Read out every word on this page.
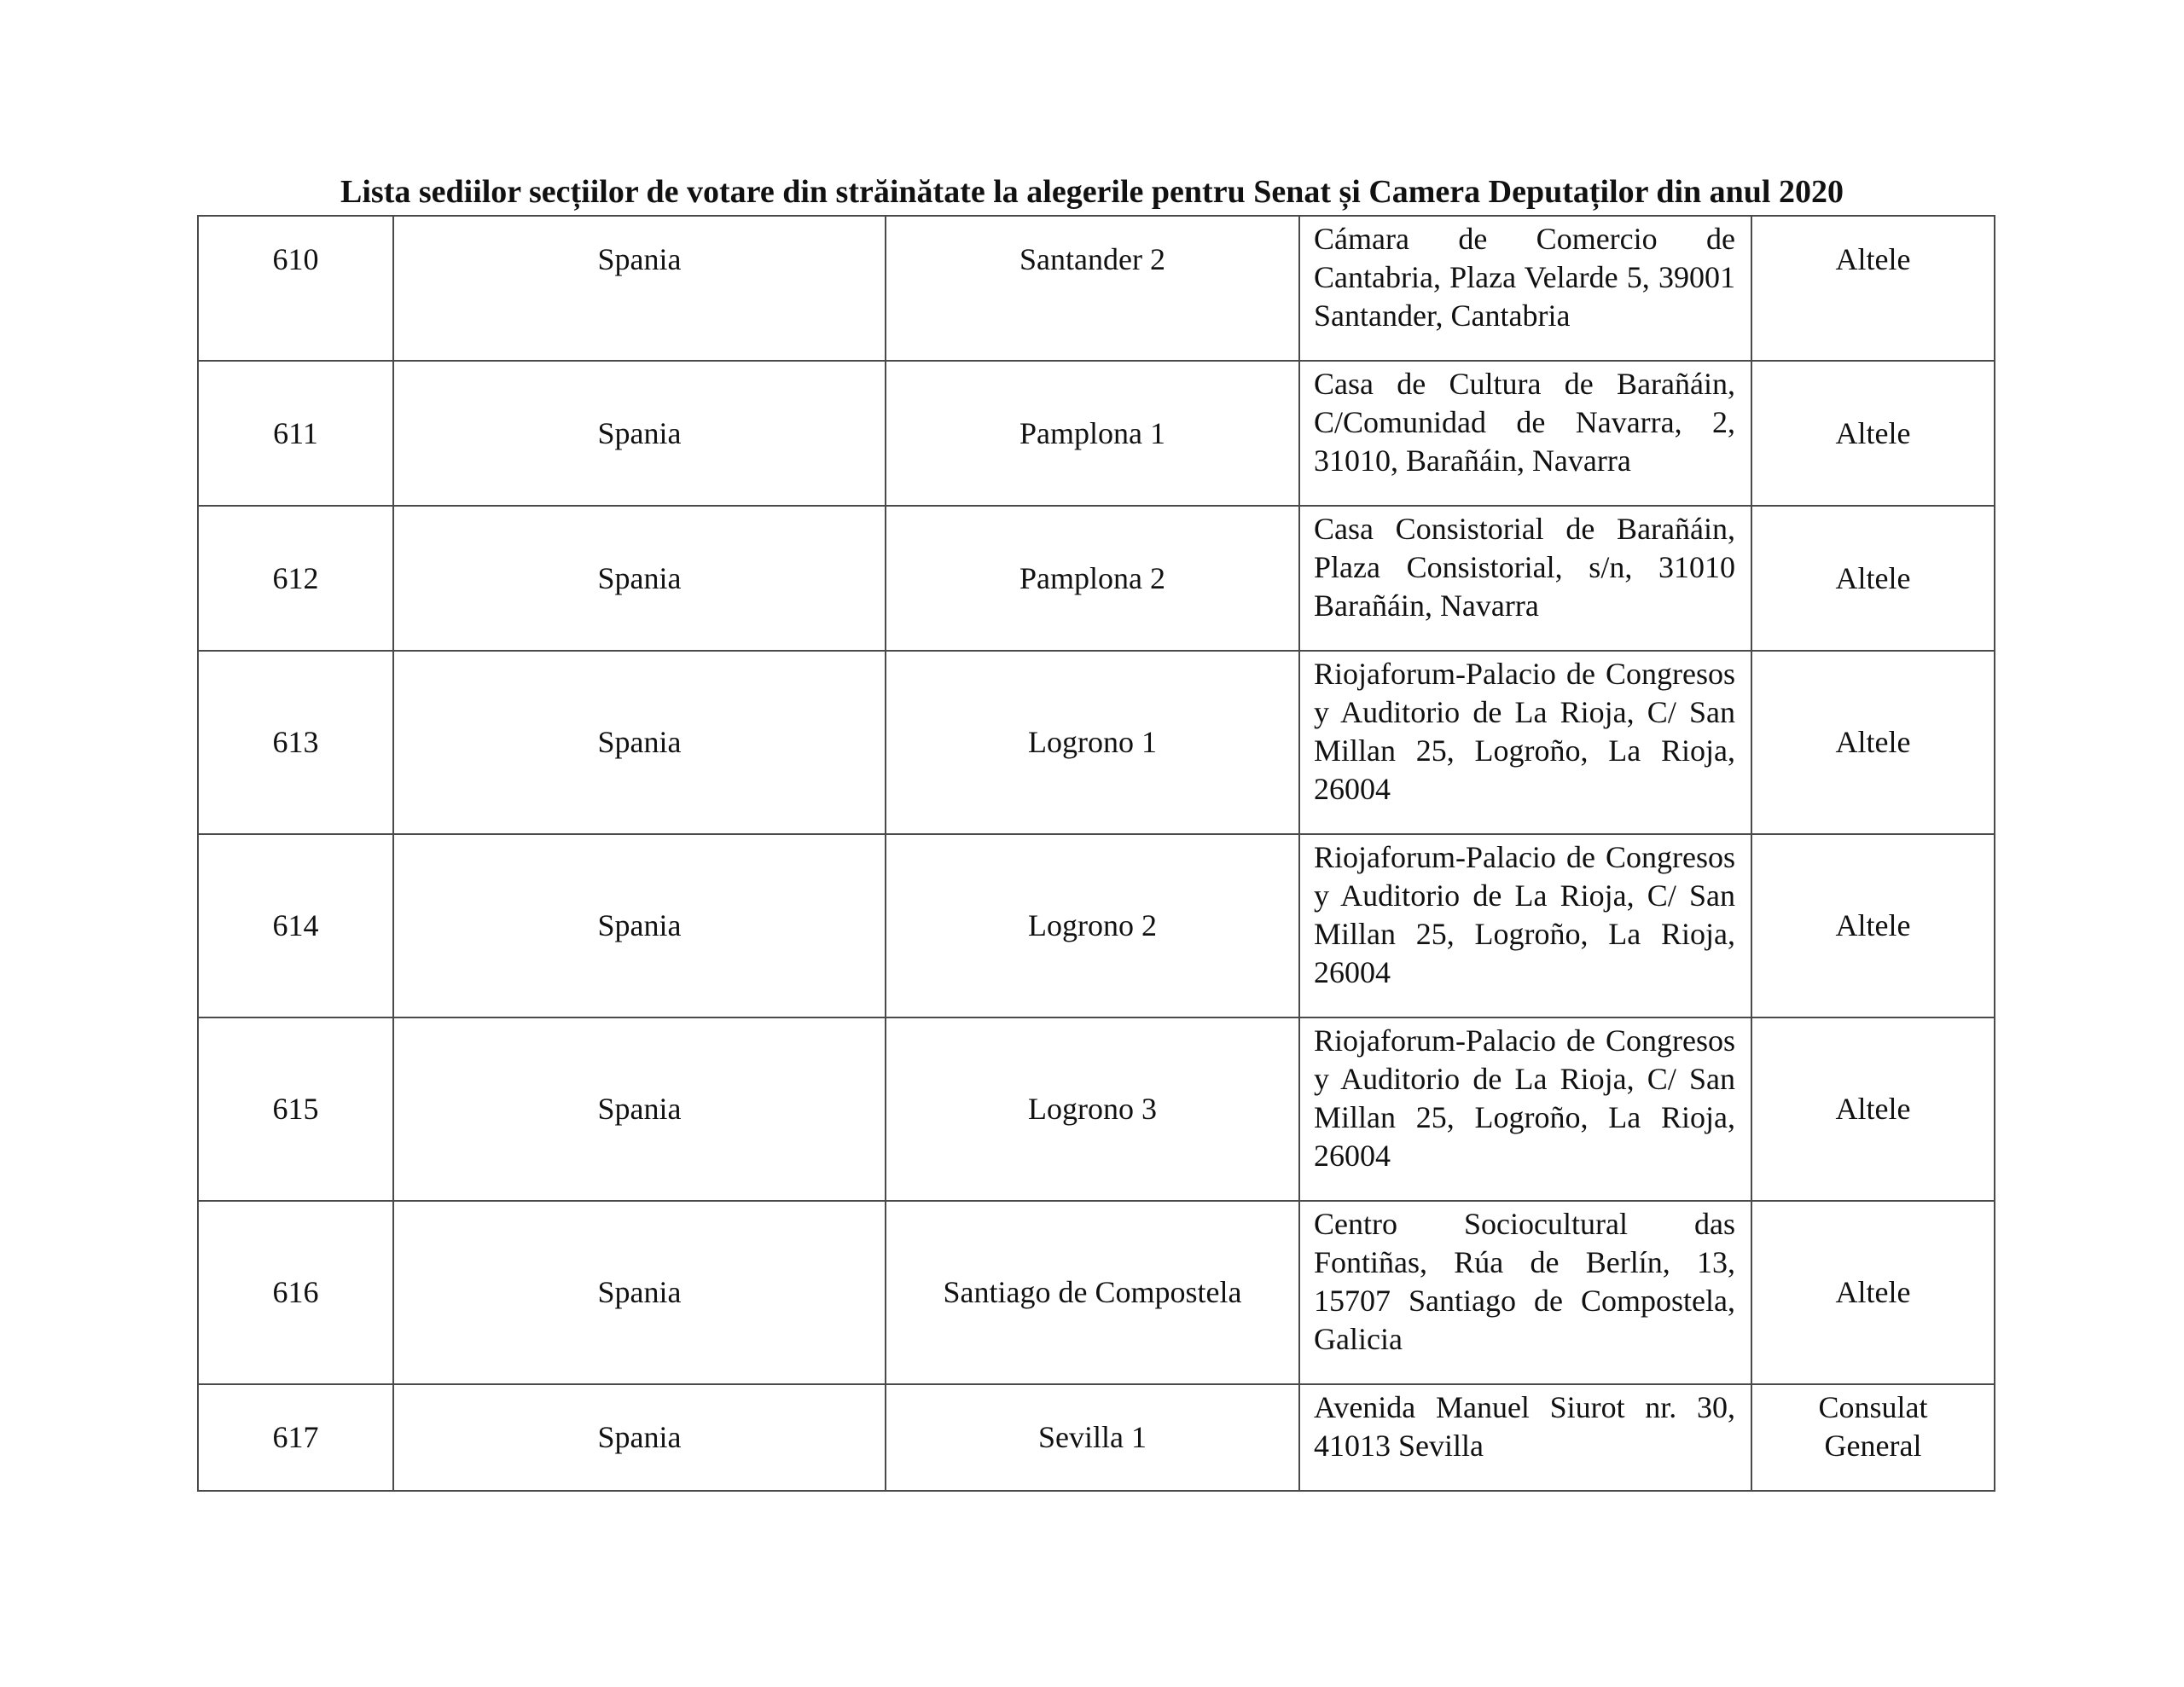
Lista sediilor secțiilor de votare din străinătate la alegerile pentru Senat și Camera Deputaților din anul 2020
610	Spania	Santander 2	Cámara de Comercio de Cantabria, Plaza Velarde 5, 39001 Santander, Cantabria	Altele

611	Spania	Pamplona 1	Casa de Cultura de Barañáin, C/Comunidad de Navarra, 2, 31010, Barañáin, Navarra	Altele
612	Spania	Pamplona 2	Casa Consistorial de Barañáin, Plaza Consistorial, s/n, 31010 Barañáin, Navarra	Altele
613	Spania	Logrono 1	Riojaforum-Palacio de Congresos y Auditorio de La Rioja, C/ San Millan 25, Logroño, La Rioja, 26004	Altele
614	Spania	Logrono 2	Riojaforum-Palacio de Congresos y Auditorio de La Rioja, C/ San Millan 25, Logroño, La Rioja, 26004	Altele
615	Spania	Logrono 3	Riojaforum-Palacio de Congresos y Auditorio de La Rioja, C/ San Millan 25, Logroño, La Rioja, 26004	Altele
616	Spania	Santiago de Compostela	Centro Sociocultural das Fontiñas, Rúa de Berlín, 13, 15707 Santiago de Compostela, Galicia	Altele
617	Spania	Sevilla 1	Avenida Manuel Siurot nr. 30, 41013 Sevilla	Consulat General
